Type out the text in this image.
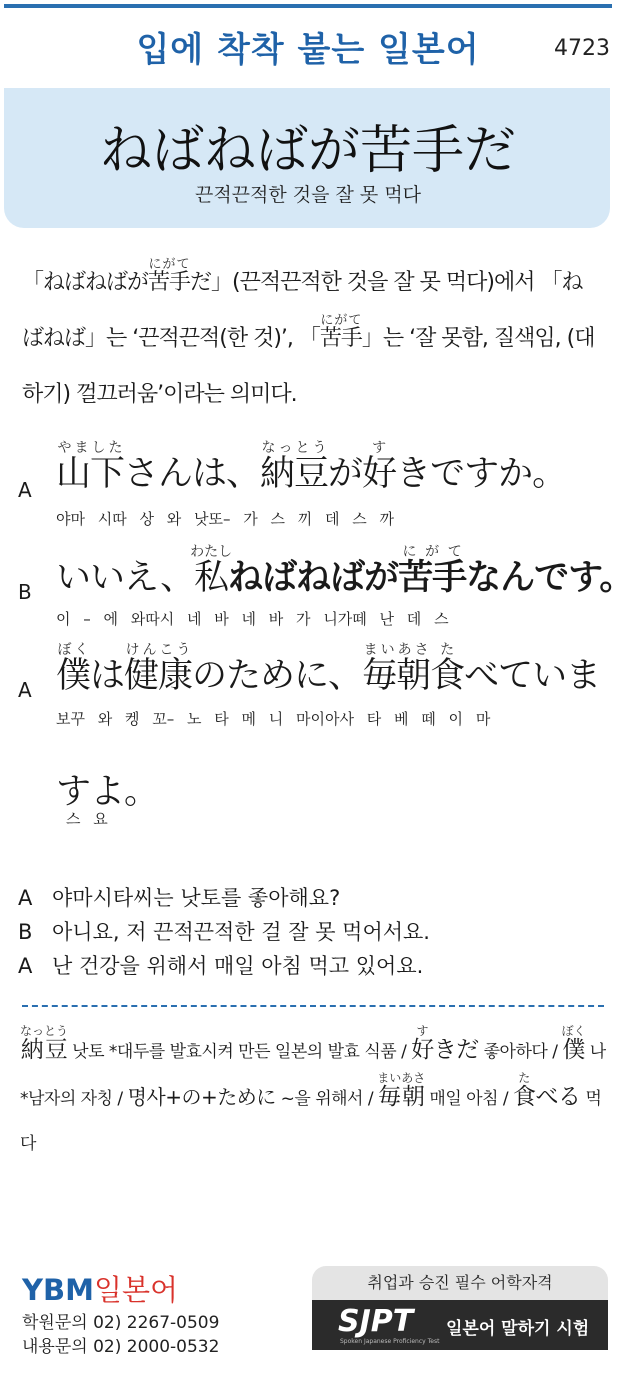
입에 착착 붙는 일본어	4723
ねばねばが苦手だ
끈적끈적한 것을 잘 못 먹다
「ねばねばが苦手にがてだ」(끈적끈적한 것을 잘 못 먹다)에서 「ねばねば」는 ‘끈적끈적(한 것)’, 「苦手にがて」는 ‘잘 못함, 질색임, (대하기) 껄끄러움’이라는 의미다.
A 山下やましたさんは、納豆なっとうが好すきですか。
야마 시따 상 와 낫또– 가 스 끼 데 스 까
B いいえ、私わたしねばねばが苦手にがてなんです。
이 – 에 와따시 네 바 네 바 가 니가떼 난 데 스
A 僕ぼくは健康けんこうのために、毎朝まいあさ食たべていま
보꾸 와 켕 꼬– 노 타 메 니 마이아사 타 베 떼 이 마
すよ。
스 요
A 야마시타씨는 낫토를 좋아해요?
B 아니요, 저 끈적끈적한 걸 잘 못 먹어서요.
A 난 건강을 위해서 매일 아침 먹고 있어요.
納豆なっとう 낫토 *대두를 발효시켜 만든 일본의 발효 식품 / 好すきだ 좋아하다 / 僕ぼく 나 *남자의 자칭 / 명사+の+ために ~을 위해서 / 毎朝まいあさ 매일 아침 / 食たべる 먹다
YBM일본어
학원문의 02) 2267-0509
내용문의 02) 2000-0532
취업과 승진 필수 어학자격
SJPT
Spoken Japanese Proficiency Test
일본어 말하기 시험
